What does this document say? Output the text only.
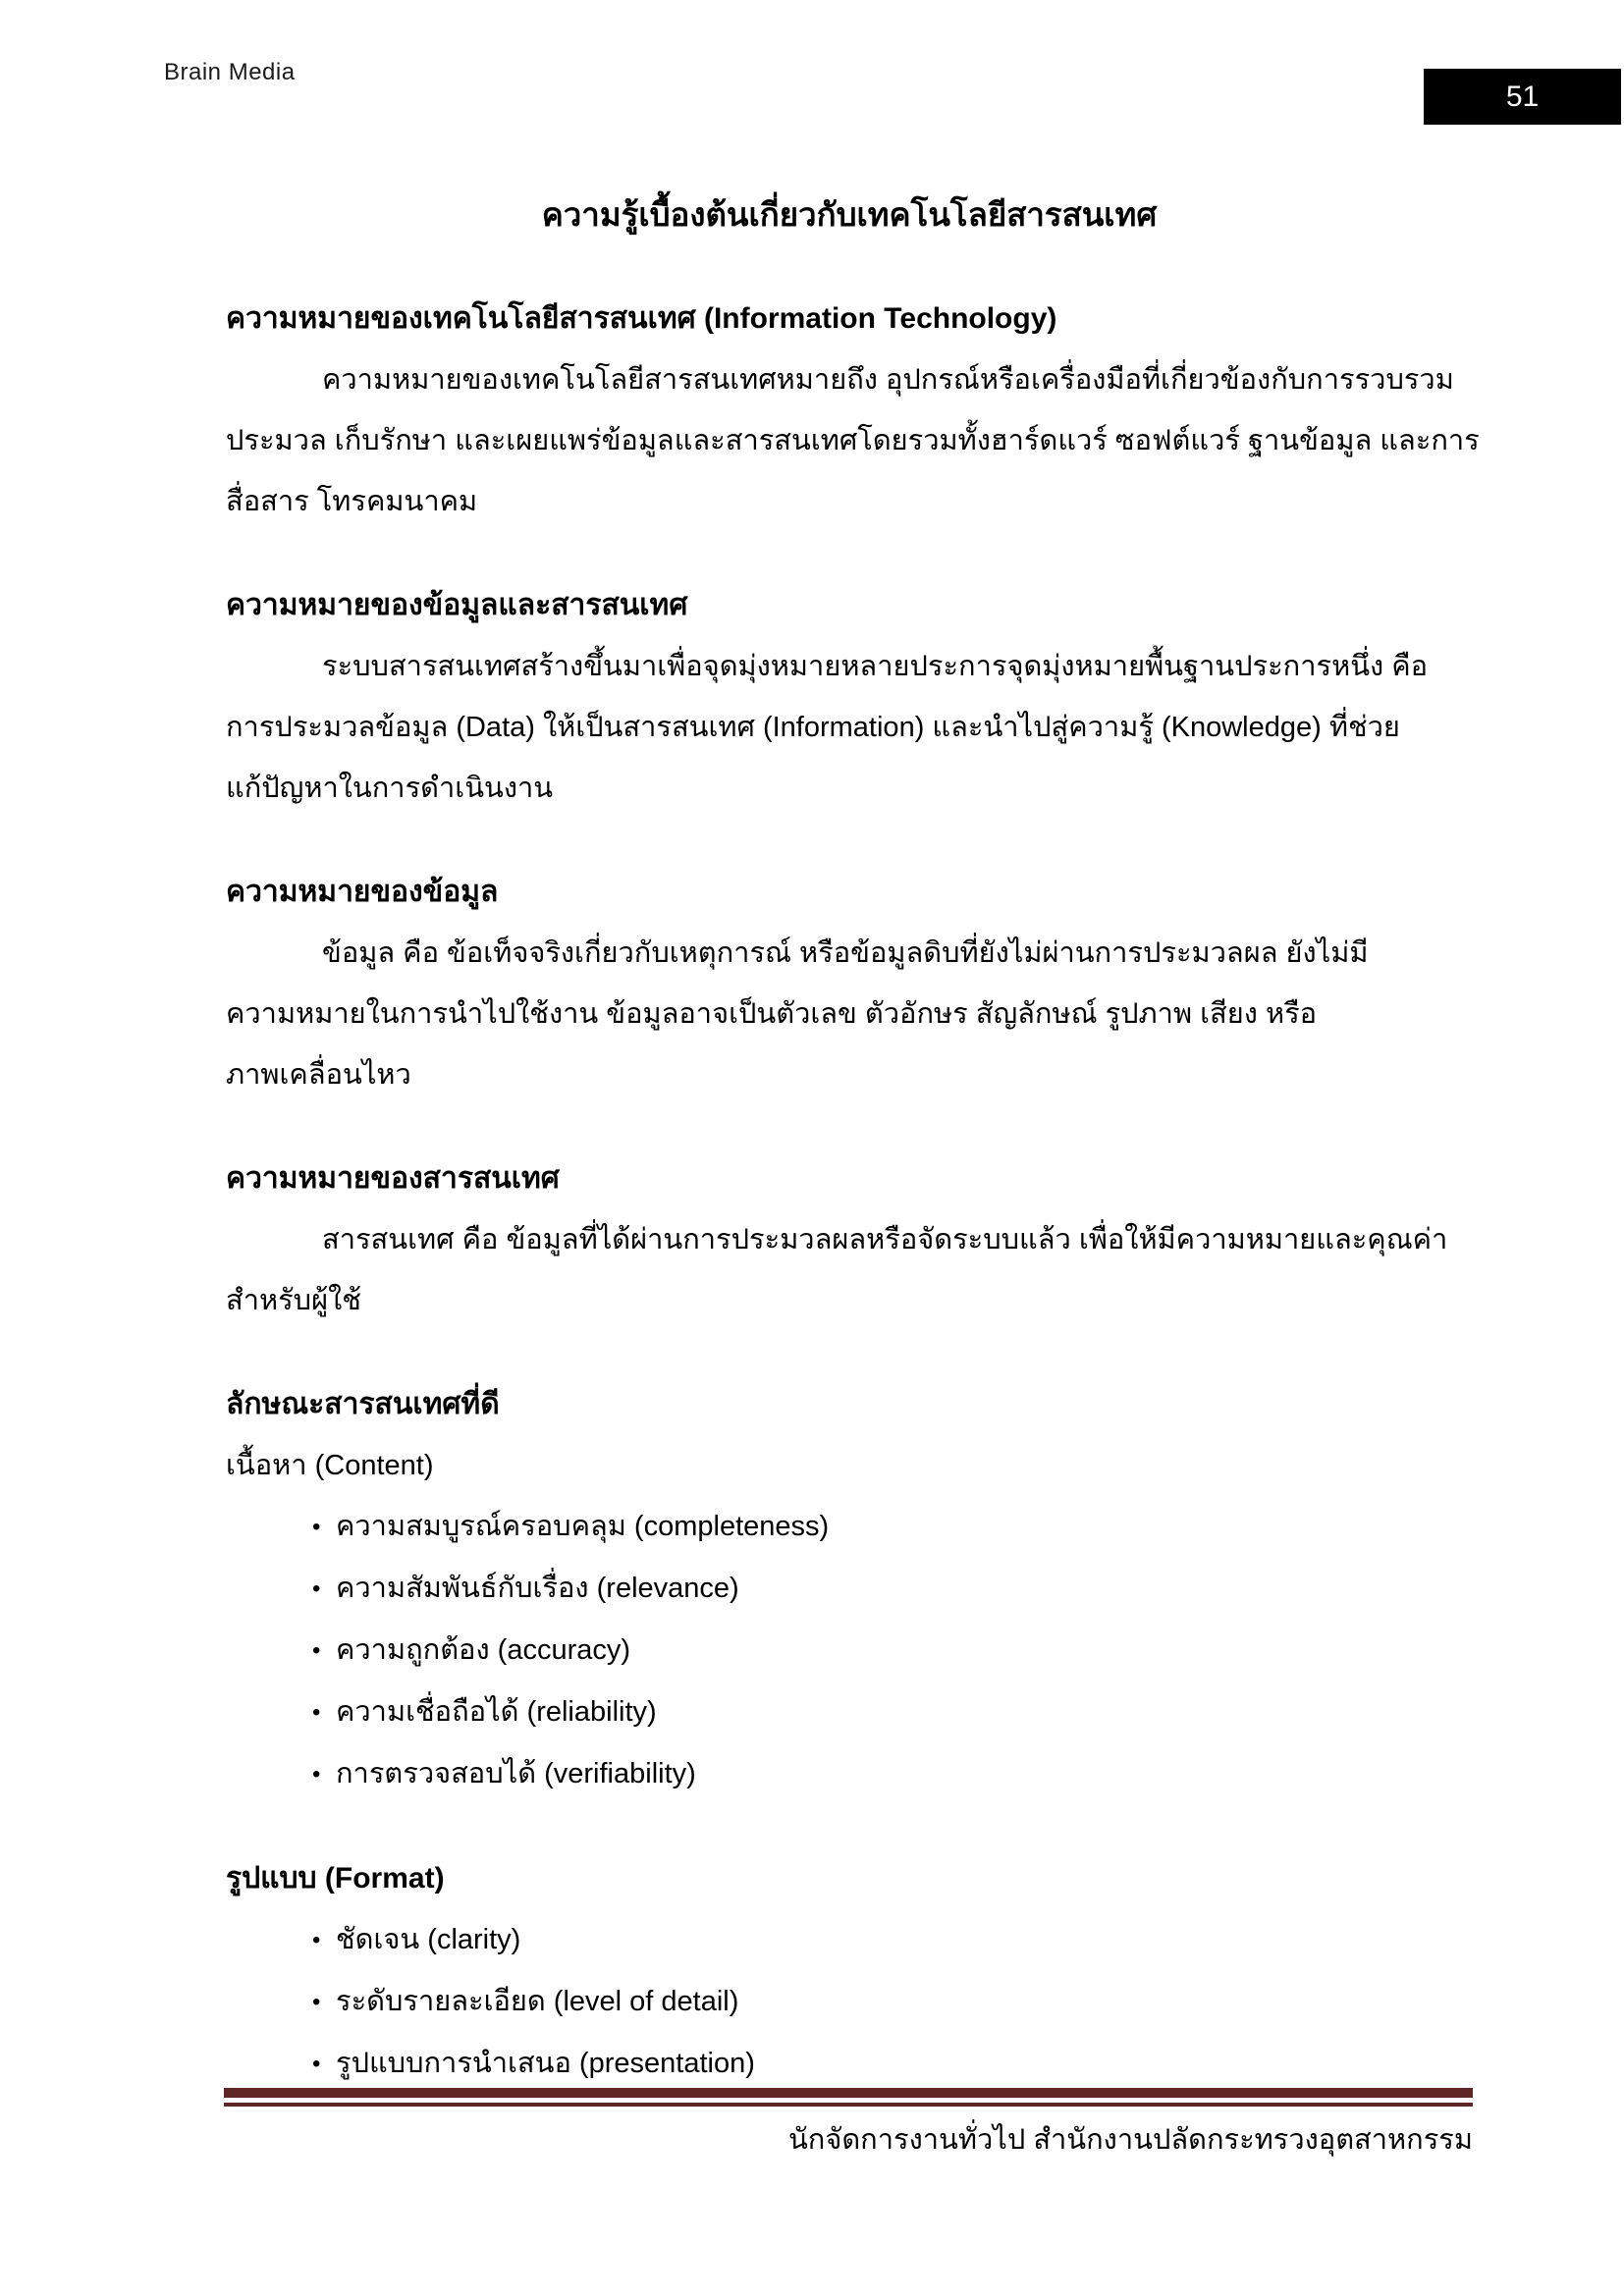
Brain Media
51
ความรู้เบื้องต้นเกี่ยวกับเทคโนโลยีสารสนเทศ
ความหมายของเทคโนโลยีสารสนเทศ (Information Technology)
ความหมายของเทคโนโลยีสารสนเทศหมายถึง อุปกรณ์หรือเครื่องมือที่เกี่ยวข้องกับการรวบรวม
ประมวล เก็บรักษา และเผยแพร่ข้อมูลและสารสนเทศโดยรวมทั้งฮาร์ดแวร์ ซอฟต์แวร์ ฐานข้อมูล และการ
สื่อสาร โทรคมนาคม
ความหมายของข้อมูลและสารสนเทศ
ระบบสารสนเทศสร้างขึ้นมาเพื่อจุดมุ่งหมายหลายประการจุดมุ่งหมายพื้นฐานประการหนึ่ง คือ
การประมวลข้อมูล (Data) ให้เป็นสารสนเทศ (Information) และนำไปสู่ความรู้ (Knowledge) ที่ช่วย
แก้ปัญหาในการดำเนินงาน
ความหมายของข้อมูล
ข้อมูล คือ ข้อเท็จจริงเกี่ยวกับเหตุการณ์ หรือข้อมูลดิบที่ยังไม่ผ่านการประมวลผล ยังไม่มี
ความหมายในการนำไปใช้งาน ข้อมูลอาจเป็นตัวเลข ตัวอักษร สัญลักษณ์ รูปภาพ เสียง หรือ
ภาพเคลื่อนไหว
ความหมายของสารสนเทศ
สารสนเทศ คือ ข้อมูลที่ได้ผ่านการประมวลผลหรือจัดระบบแล้ว เพื่อให้มีความหมายและคุณค่า
สำหรับผู้ใช้
ลักษณะสารสนเทศที่ดี
เนื้อหา (Content)
• ความสมบูรณ์ครอบคลุม (completeness)
• ความสัมพันธ์กับเรื่อง (relevance)
• ความถูกต้อง (accuracy)
• ความเชื่อถือได้ (reliability)
• การตรวจสอบได้ (verifiability)
รูปแบบ (Format)
• ชัดเจน (clarity)
• ระดับรายละเอียด (level of detail)
• รูปแบบการนำเสนอ (presentation)
นักจัดการงานทั่วไป สำนักงานปลัดกระทรวงอุตสาหกรรม
